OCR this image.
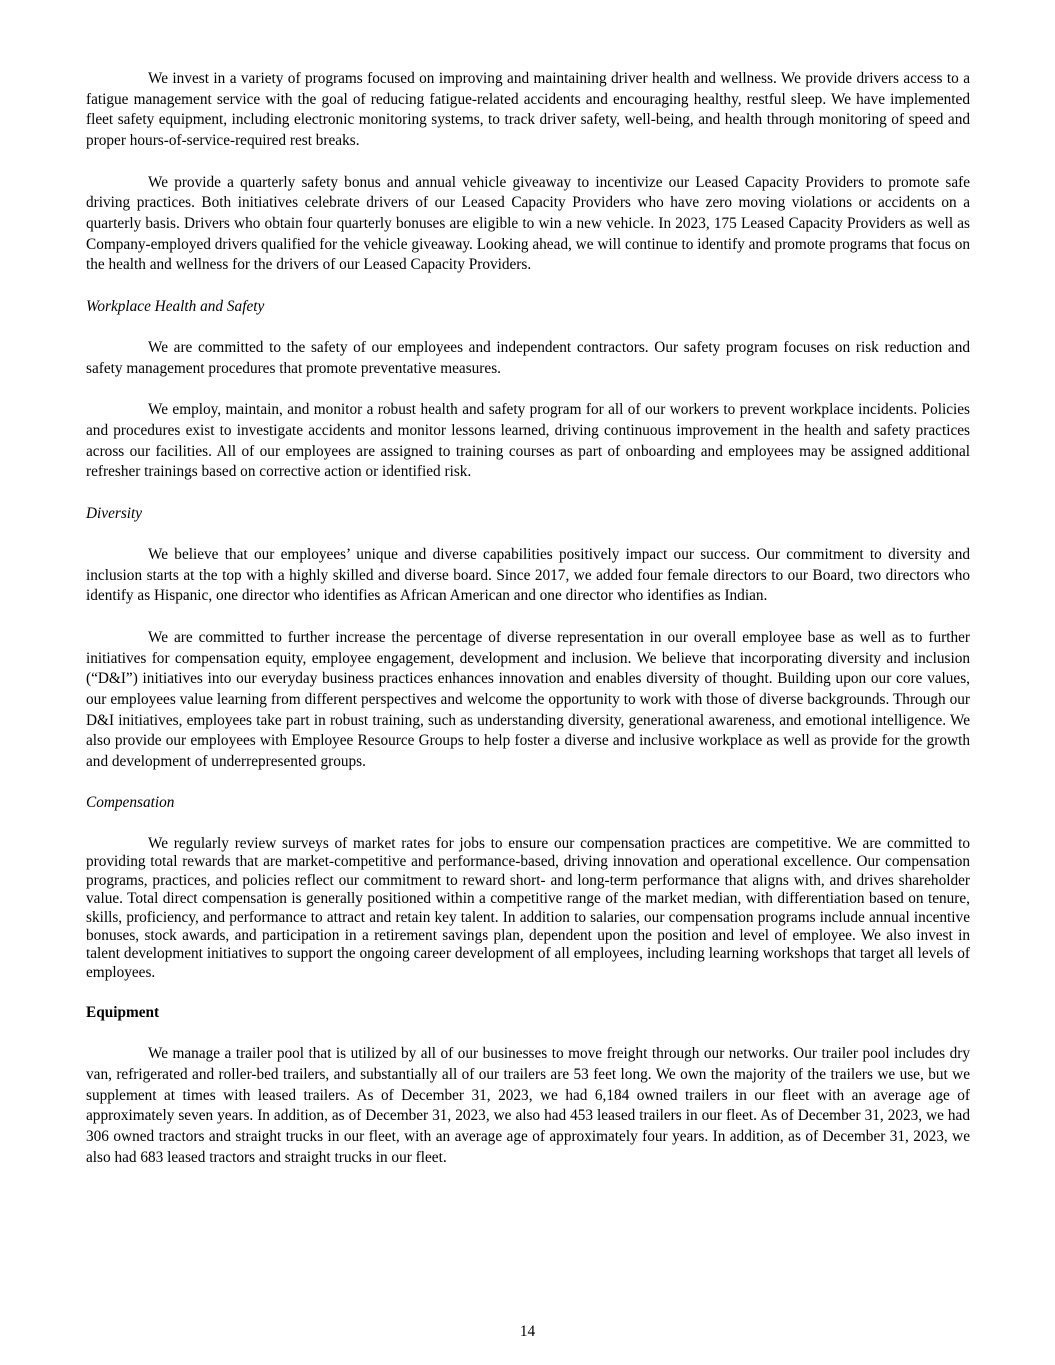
We invest in a variety of programs focused on improving and maintaining driver health and wellness. We provide drivers access to a fatigue management service with the goal of reducing fatigue-related accidents and encouraging healthy, restful sleep. We have implemented fleet safety equipment, including electronic monitoring systems, to track driver safety, well-being, and health through monitoring of speed and proper hours-of-service-required rest breaks.

We provide a quarterly safety bonus and annual vehicle giveaway to incentivize our Leased Capacity Providers to promote safe driving practices. Both initiatives celebrate drivers of our Leased Capacity Providers who have zero moving violations or accidents on a quarterly basis. Drivers who obtain four quarterly bonuses are eligible to win a new vehicle. In 2023, 175 Leased Capacity Providers as well as Company-employed drivers qualified for the vehicle giveaway. Looking ahead, we will continue to identify and promote programs that focus on the health and wellness for the drivers of our Leased Capacity Providers.

Workplace Health and Safety

We are committed to the safety of our employees and independent contractors. Our safety program focuses on risk reduction and safety management procedures that promote preventative measures.

We employ, maintain, and monitor a robust health and safety program for all of our workers to prevent workplace incidents. Policies and procedures exist to investigate accidents and monitor lessons learned, driving continuous improvement in the health and safety practices across our facilities. All of our employees are assigned to training courses as part of onboarding and employees may be assigned additional refresher trainings based on corrective action or identified risk.

Diversity

We believe that our employees’ unique and diverse capabilities positively impact our success. Our commitment to diversity and inclusion starts at the top with a highly skilled and diverse board. Since 2017, we added four female directors to our Board, two directors who identify as Hispanic, one director who identifies as African American and one director who identifies as Indian.

We are committed to further increase the percentage of diverse representation in our overall employee base as well as to further initiatives for compensation equity, employee engagement, development and inclusion. We believe that incorporating diversity and inclusion (“D&I”) initiatives into our everyday business practices enhances innovation and enables diversity of thought. Building upon our core values, our employees value learning from different perspectives and welcome the opportunity to work with those of diverse backgrounds. Through our D&I initiatives, employees take part in robust training, such as understanding diversity, generational awareness, and emotional intelligence. We also provide our employees with Employee Resource Groups to help foster a diverse and inclusive workplace as well as provide for the growth and development of underrepresented groups.

Compensation

We regularly review surveys of market rates for jobs to ensure our compensation practices are competitive. We are committed to providing total rewards that are market-competitive and performance-based, driving innovation and operational excellence. Our compensation programs, practices, and policies reflect our commitment to reward short- and long-term performance that aligns with, and drives shareholder value. Total direct compensation is generally positioned within a competitive range of the market median, with differentiation based on tenure, skills, proficiency, and performance to attract and retain key talent. In addition to salaries, our compensation programs include annual incentive bonuses, stock awards, and participation in a retirement savings plan, dependent upon the position and level of employee. We also invest in talent development initiatives to support the ongoing career development of all employees, including learning workshops that target all levels of employees.

Equipment

We manage a trailer pool that is utilized by all of our businesses to move freight through our networks. Our trailer pool includes dry van, refrigerated and roller-bed trailers, and substantially all of our trailers are 53 feet long. We own the majority of the trailers we use, but we supplement at times with leased trailers. As of December 31, 2023, we had 6,184 owned trailers in our fleet with an average age of approximately seven years. In addition, as of December 31, 2023, we also had 453 leased trailers in our fleet. As of December 31, 2023, we had 306 owned tractors and straight trucks in our fleet, with an average age of approximately four years. In addition, as of December 31, 2023, we also had 683 leased tractors and straight trucks in our fleet.

14
